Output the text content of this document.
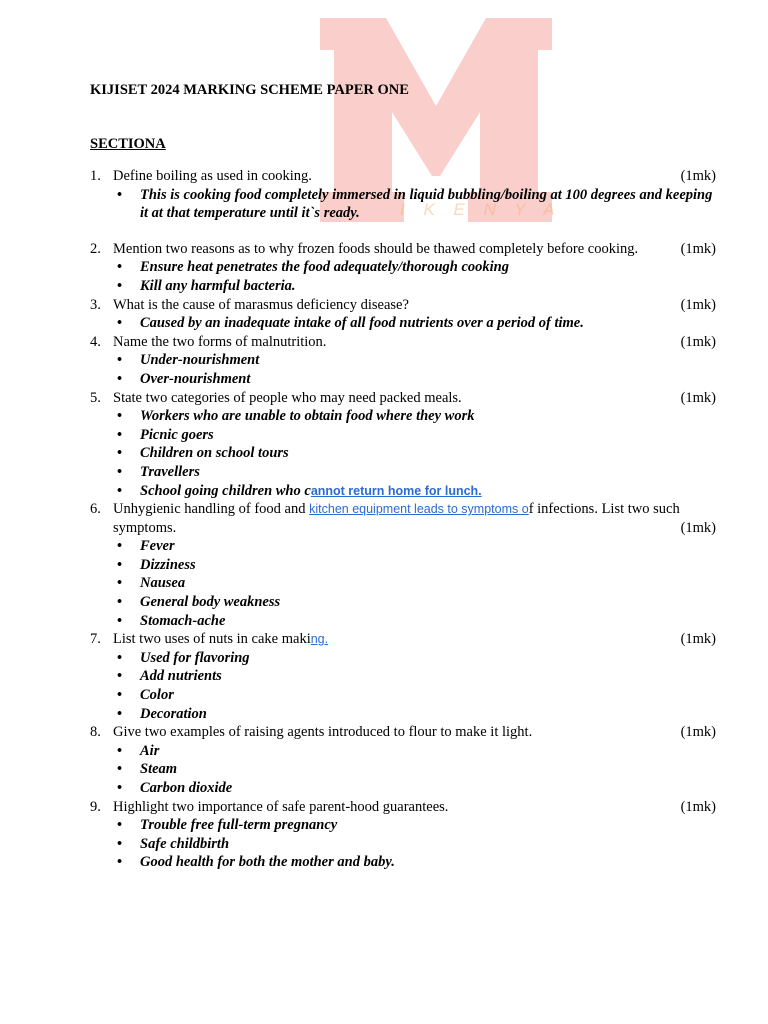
I K E N Y A

KIJISET 2024 MARKING SCHEME PAPER ONE

SECTIONA
1. Define boiling as used in cooking.	(1mk)
•	This is cooking food completely immersed in liquid bubbling/boiling at 100 degrees and keeping it at that temperature until it`s ready.
2. Mention two reasons as to why frozen foods should be thawed completely before cooking.	(1mk)
•	Ensure heat penetrates the food adequately/thorough cooking
•	Kill any harmful bacteria.
3. What is the cause of marasmus deficiency disease?	(1mk)
•	Caused by an inadequate intake of all food nutrients over a period of time.
4. Name the two forms of malnutrition.	(1mk)
•	Under-nourishment
•	Over-nourishment
5. State two categories of people who may need packed meals.	(1mk)
•	Workers who are unable to obtain food where they work
•	Picnic goers
•	Children on school tours
•	Travellers
•	School going children who cannot return home for lunch.
6. Unhygienic handling of food and kitchen equipment leads to symptoms of infections. List two such
symptoms.	(1mk)
•	Fever
•	Dizziness
•	Nausea
•	General body weakness
•	Stomach-ache
7. List two uses of nuts in cake making.	(1mk)
•	Used for flavoring
•	Add nutrients
•	Color
•	Decoration
8. Give two examples of raising agents introduced to flour to make it light.	(1mk)
•	Air
•	Steam
•	Carbon dioxide
9. Highlight two importance of safe parent-hood guarantees.	(1mk)
•	Trouble free full-term pregnancy
•	Safe childbirth
•	Good health for both the mother and baby.
